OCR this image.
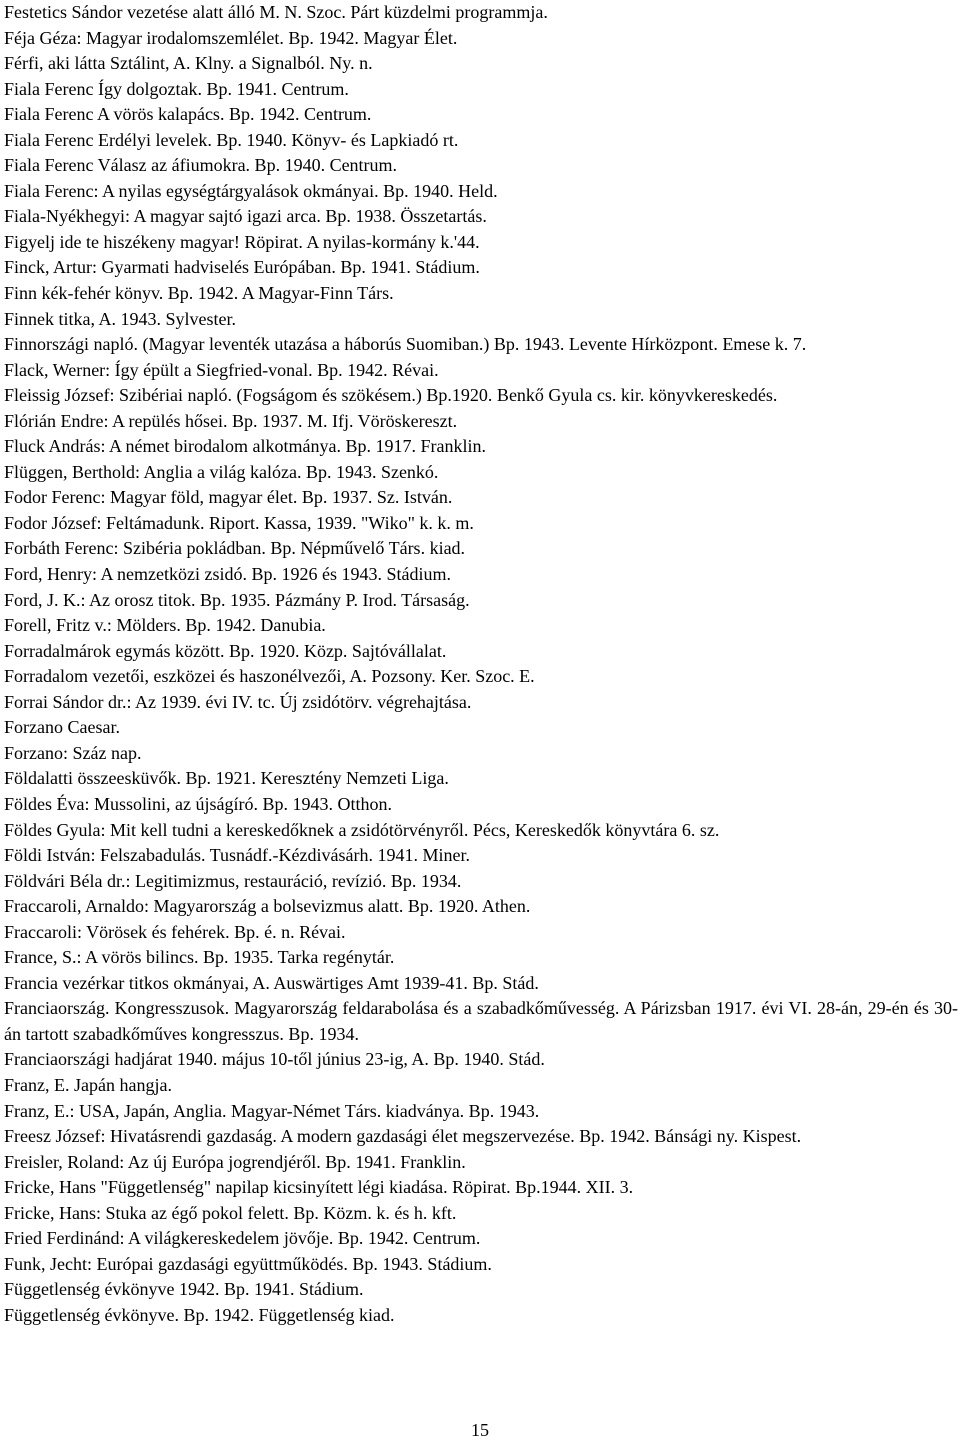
Festetics Sándor vezetése alatt álló M. N. Szoc. Párt küzdelmi programmja.

Féja Géza: Magyar irodalomszemlélet. Bp. 1942. Magyar Élet.

Férfi, aki látta Sztálint, A. Klny. a Signalból. Ny. n.

Fiala Ferenc Így dolgoztak. Bp. 1941. Centrum.

Fiala Ferenc A vörös kalapács. Bp. 1942. Centrum.

Fiala Ferenc Erdélyi levelek. Bp. 1940. Könyv- és Lapkiadó rt.

Fiala Ferenc Válasz az áfiumokra. Bp. 1940. Centrum.

Fiala Ferenc: A nyilas egységtárgyalások okmányai. Bp. 1940. Held.

Fiala-Nyékhegyi: A magyar sajtó igazi arca. Bp. 1938. Összetartás.

Figyelj ide te hiszékeny magyar! Röpirat. A nyilas-kormány k.'44.

Finck, Artur: Gyarmati hadviselés Európában. Bp. 1941. Stádium.

Finn kék-fehér könyv. Bp. 1942. A Magyar-Finn Társ.

Finnek titka, A. 1943. Sylvester.

Finnországi napló. (Magyar leventék utazása a háborús Suomiban.) Bp. 1943. Levente Hírközpont. Emese k. 7.

Flack, Werner: Így épült a Siegfried-vonal. Bp. 1942. Révai.

Fleissig József: Szibériai napló. (Fogságom és szökésem.) Bp.1920. Benkő Gyula cs. kir. könyvkereskedés.

Flórián Endre: A repülés hősei. Bp. 1937. M. Ifj. Vöröskereszt.

Fluck András: A német birodalom alkotmánya. Bp. 1917. Franklin.

Flüggen, Berthold: Anglia a világ kalóza. Bp. 1943. Szenkó.

Fodor Ferenc: Magyar föld, magyar élet. Bp. 1937. Sz. István.

Fodor József: Feltámadunk. Riport. Kassa, 1939. "Wiko" k. k. m.

Forbáth Ferenc: Szibéria pokládban. Bp. Népművelő Társ. kiad.

Ford, Henry: A nemzetközi zsidó. Bp. 1926 és 1943. Stádium.

Ford, J. K.: Az orosz titok. Bp. 1935. Pázmány P. Irod. Társaság.

Forell, Fritz v.: Mölders. Bp. 1942. Danubia.

Forradalmárok egymás között. Bp. 1920. Közp. Sajtóvállalat.

Forradalom vezetői, eszközei és haszonélvezői, A. Pozsony. Ker. Szoc. E.

Forrai Sándor dr.: Az 1939. évi IV. tc. Új zsidótörv. végrehajtása.

Forzano Caesar.

Forzano: Száz nap.

Földalatti összeesküvők. Bp. 1921. Keresztény Nemzeti Liga.

Földes Éva: Mussolini, az újságíró. Bp. 1943. Otthon.

Földes Gyula: Mit kell tudni a kereskedőknek a zsidótörvényről. Pécs, Kereskedők könyvtára 6. sz.

Földi István: Felszabadulás. Tusnádf.-Kézdivásárh. 1941. Miner.

Földvári Béla dr.: Legitimizmus, restauráció, revízió. Bp. 1934.

Fraccaroli, Arnaldo: Magyarország a bolsevizmus alatt. Bp. 1920. Athen.

Fraccaroli: Vörösek és fehérek. Bp. é. n. Révai.

France, S.: A vörös bilincs. Bp. 1935. Tarka regénytár.

Francia vezérkar titkos okmányai, A. Auswärtiges Amt 1939-41. Bp. Stád.

Franciaország. Kongresszusok. Magyarország feldarabolása és a szabadkőművesség. A Párizsban 1917. évi VI. 28-án, 29-én és 30-án tartott szabadkőműves kongresszus. Bp. 1934.

Franciaországi hadjárat 1940. május 10-től június 23-ig, A. Bp. 1940. Stád.

Franz, E. Japán hangja.

Franz, E.: USA, Japán, Anglia. Magyar-Német Társ. kiadványa. Bp. 1943.

Freesz József: Hivatásrendi gazdaság. A modern gazdasági élet megszervezése. Bp. 1942. Bánsági ny. Kispest.

Freisler, Roland: Az új Európa jogrendjéről. Bp. 1941. Franklin.

Fricke, Hans "Függetlenség" napilap kicsinyített légi kiadása. Röpirat. Bp.1944. XII. 3.

Fricke, Hans: Stuka az égő pokol felett. Bp. Közm. k. és h. kft.

Fried Ferdinánd: A világkereskedelem jövője. Bp. 1942. Centrum.

Funk, Jecht: Európai gazdasági együttműködés. Bp. 1943. Stádium.

Függetlenség évkönyve 1942. Bp. 1941. Stádium.

Függetlenség évkönyve. Bp. 1942. Függetlenség kiad.

15
